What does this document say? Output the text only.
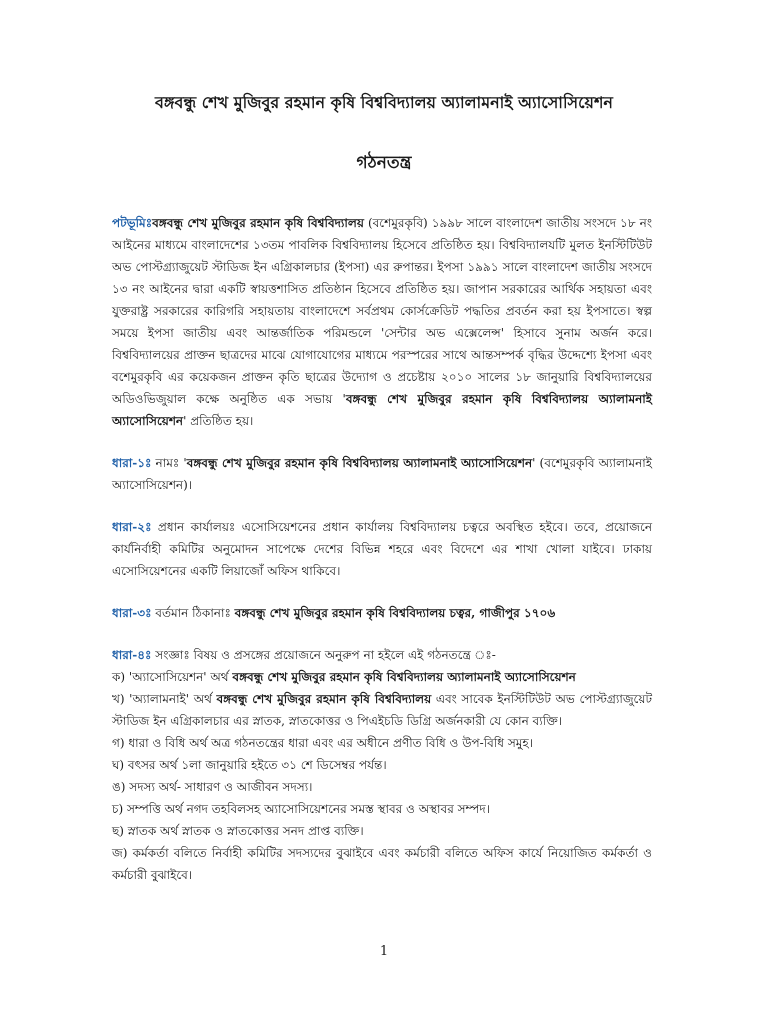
বঙ্গবন্ধু শেখ মুজিবুর রহমান কৃষি বিশ্ববিদ্যালয় অ্যালামনাই অ্যাসোসিয়েশন
গঠনতন্ত্র

পটভূমিঃবঙ্গবন্ধু শেখ মুজিবুর রহমান কৃষি বিশ্ববিদ্যালয় (বশেমুরকৃবি) ১৯৯৮ সালে বাংলাদেশ জাতীয় সংসদে ১৮ নং আইনের মাধ্যমে বাংলাদেশের ১৩তম পাবলিক বিশ্ববিদ্যালয় হিসেবে প্রতিষ্ঠিত হয়। বিশ্ববিদ্যালযটি মুলত ইনস্টিটিউট অভ পোস্টগ্র্যাজুয়েট স্টাডিজ ইন এগ্রিকালচার (ইপসা) এর রুপান্তর। ইপসা ১৯৯১ সালে বাংলাদেশ জাতীয় সংসদে ১৩ নং আইনের দ্বারা একটি স্বায়ত্তশাসিত প্রতিষ্ঠান হিসেবে প্রতিষ্ঠিত হয়। জাপান সরকারের আর্থিক সহায়তা এবং যুক্তরাষ্ট্র সরকারের কারিগরি সহায়তায় বাংলাদেশে সর্বপ্রথম কোর্সক্রেডিট পদ্ধতির প্রবর্তন করা হয় ইপসাতে। স্বল্প সময়ে ইপসা জাতীয় এবং আন্তর্জাতিক পরিমন্ডলে 'সেন্টার অভ এক্সেলেন্স' হিসাবে সুনাম অর্জন করে। বিশ্ববিদ্যালয়ের প্রাক্তন ছাত্রদের মাঝে যোগাযোগের মাধ্যমে পরস্পরের সাথে আন্তসম্পর্ক বৃদ্ধির উদ্দেশ্যে ইপসা এবং বশেমুরকৃবি এর কয়েকজন প্রাক্তন কৃতি ছাত্রের উদ্যোগ ও প্রচেষ্টায় ২০১০ সালের ১৮ জানুয়ারি বিশ্ববিদ্যালয়ের অডিওভিজুয়াল কক্ষে অনুষ্ঠিত এক সভায় 'বঙ্গবন্ধু শেখ মুজিবুর রহমান কৃষি বিশ্ববিদ্যালয় অ্যালামনাই অ্যাসোসিয়েশন' প্রতিষ্ঠিত হয়।

ধারা-১ঃ নামঃ 'বঙ্গবন্ধু শেখ মুজিবুর রহমান কৃষি বিশ্ববিদ্যালয় অ্যালামনাই অ্যাসোসিয়েশন' (বশেমুরকৃবি অ্যালামনাই অ্যাসোসিয়েশন)।

ধারা-২ঃ প্রধান কার্যালয়ঃ এসোসিয়েশনের প্রধান কার্যালয় বিশ্ববিদ্যালয় চত্বরে অবস্থিত হইবে। তবে, প্রয়োজনে কার্যনির্বাহী কমিটির অনুমোদন সাপেক্ষে দেশের বিভিন্ন শহরে এবং বিদেশে এর শাখা খোলা যাইবে। ঢাকায় এসোসিয়েশনের একটি লিয়াজোঁ অফিস থাকিবে।

ধারা-৩ঃ বর্তমান ঠিকানাঃ বঙ্গবন্ধু শেখ মুজিবুর রহমান কৃষি বিশ্ববিদ্যালয় চত্বর, গাজীপুর ১৭০৬

ধারা-৪ঃ সংজ্ঞাঃ বিষয় ও প্রসঙ্গের প্রয়োজনে অনুরুপ না হইলে এই গঠনতন্ত্রে ঃ-
ক) 'অ্যাসোসিয়েশন' অর্থ বঙ্গবন্ধু শেখ মুজিবুর রহমান কৃষি বিশ্ববিদ্যালয় অ্যালামনাই অ্যাসোসিয়েশন
খ) 'অ্যালামনাই' অর্থ বঙ্গবন্ধু শেখ মুজিবুর রহমান কৃষি বিশ্ববিদ্যালয় এবং সাবেক ইনস্টিটিউট অভ পোস্টগ্র্যাজুয়েট স্টাডিজ ইন এগ্রিকালচার এর স্নাতক, স্নাতকোত্তর ও পিএইচডি ডিগ্রি অর্জনকারী যে কোন ব্যক্তি।
গ) ধারা ও বিধি অর্থ অত্র গঠনতন্ত্রের ধারা এবং এর অধীনে প্রণীত বিধি ও উপ-বিধি সমুহ।
ঘ) বৎসর অর্থ ১লা জানুয়ারি হইতে ৩১ শে ডিসেম্বর পর্যন্ত।
ঙ) সদস্য অর্থ- সাধারণ ও আজীবন সদস্য।
চ) সম্পত্তি অর্থ নগদ তহবিলসহ অ্যাসোসিয়েশনের সমস্ত স্থাবর ও অস্থাবর সম্পদ।
ছ) স্নাতক অর্থ স্নাতক ও স্নাতকোত্তর সনদ প্রাপ্ত ব্যক্তি।
জ) কর্মকর্তা বলিতে নির্বাহী কমিটির সদস্যদের বুঝাইবে এবং কর্মচারী বলিতে অফিস কার্যে নিয়োজিত কর্মকর্তা ও কর্মচারী বুঝাইবে।
1
